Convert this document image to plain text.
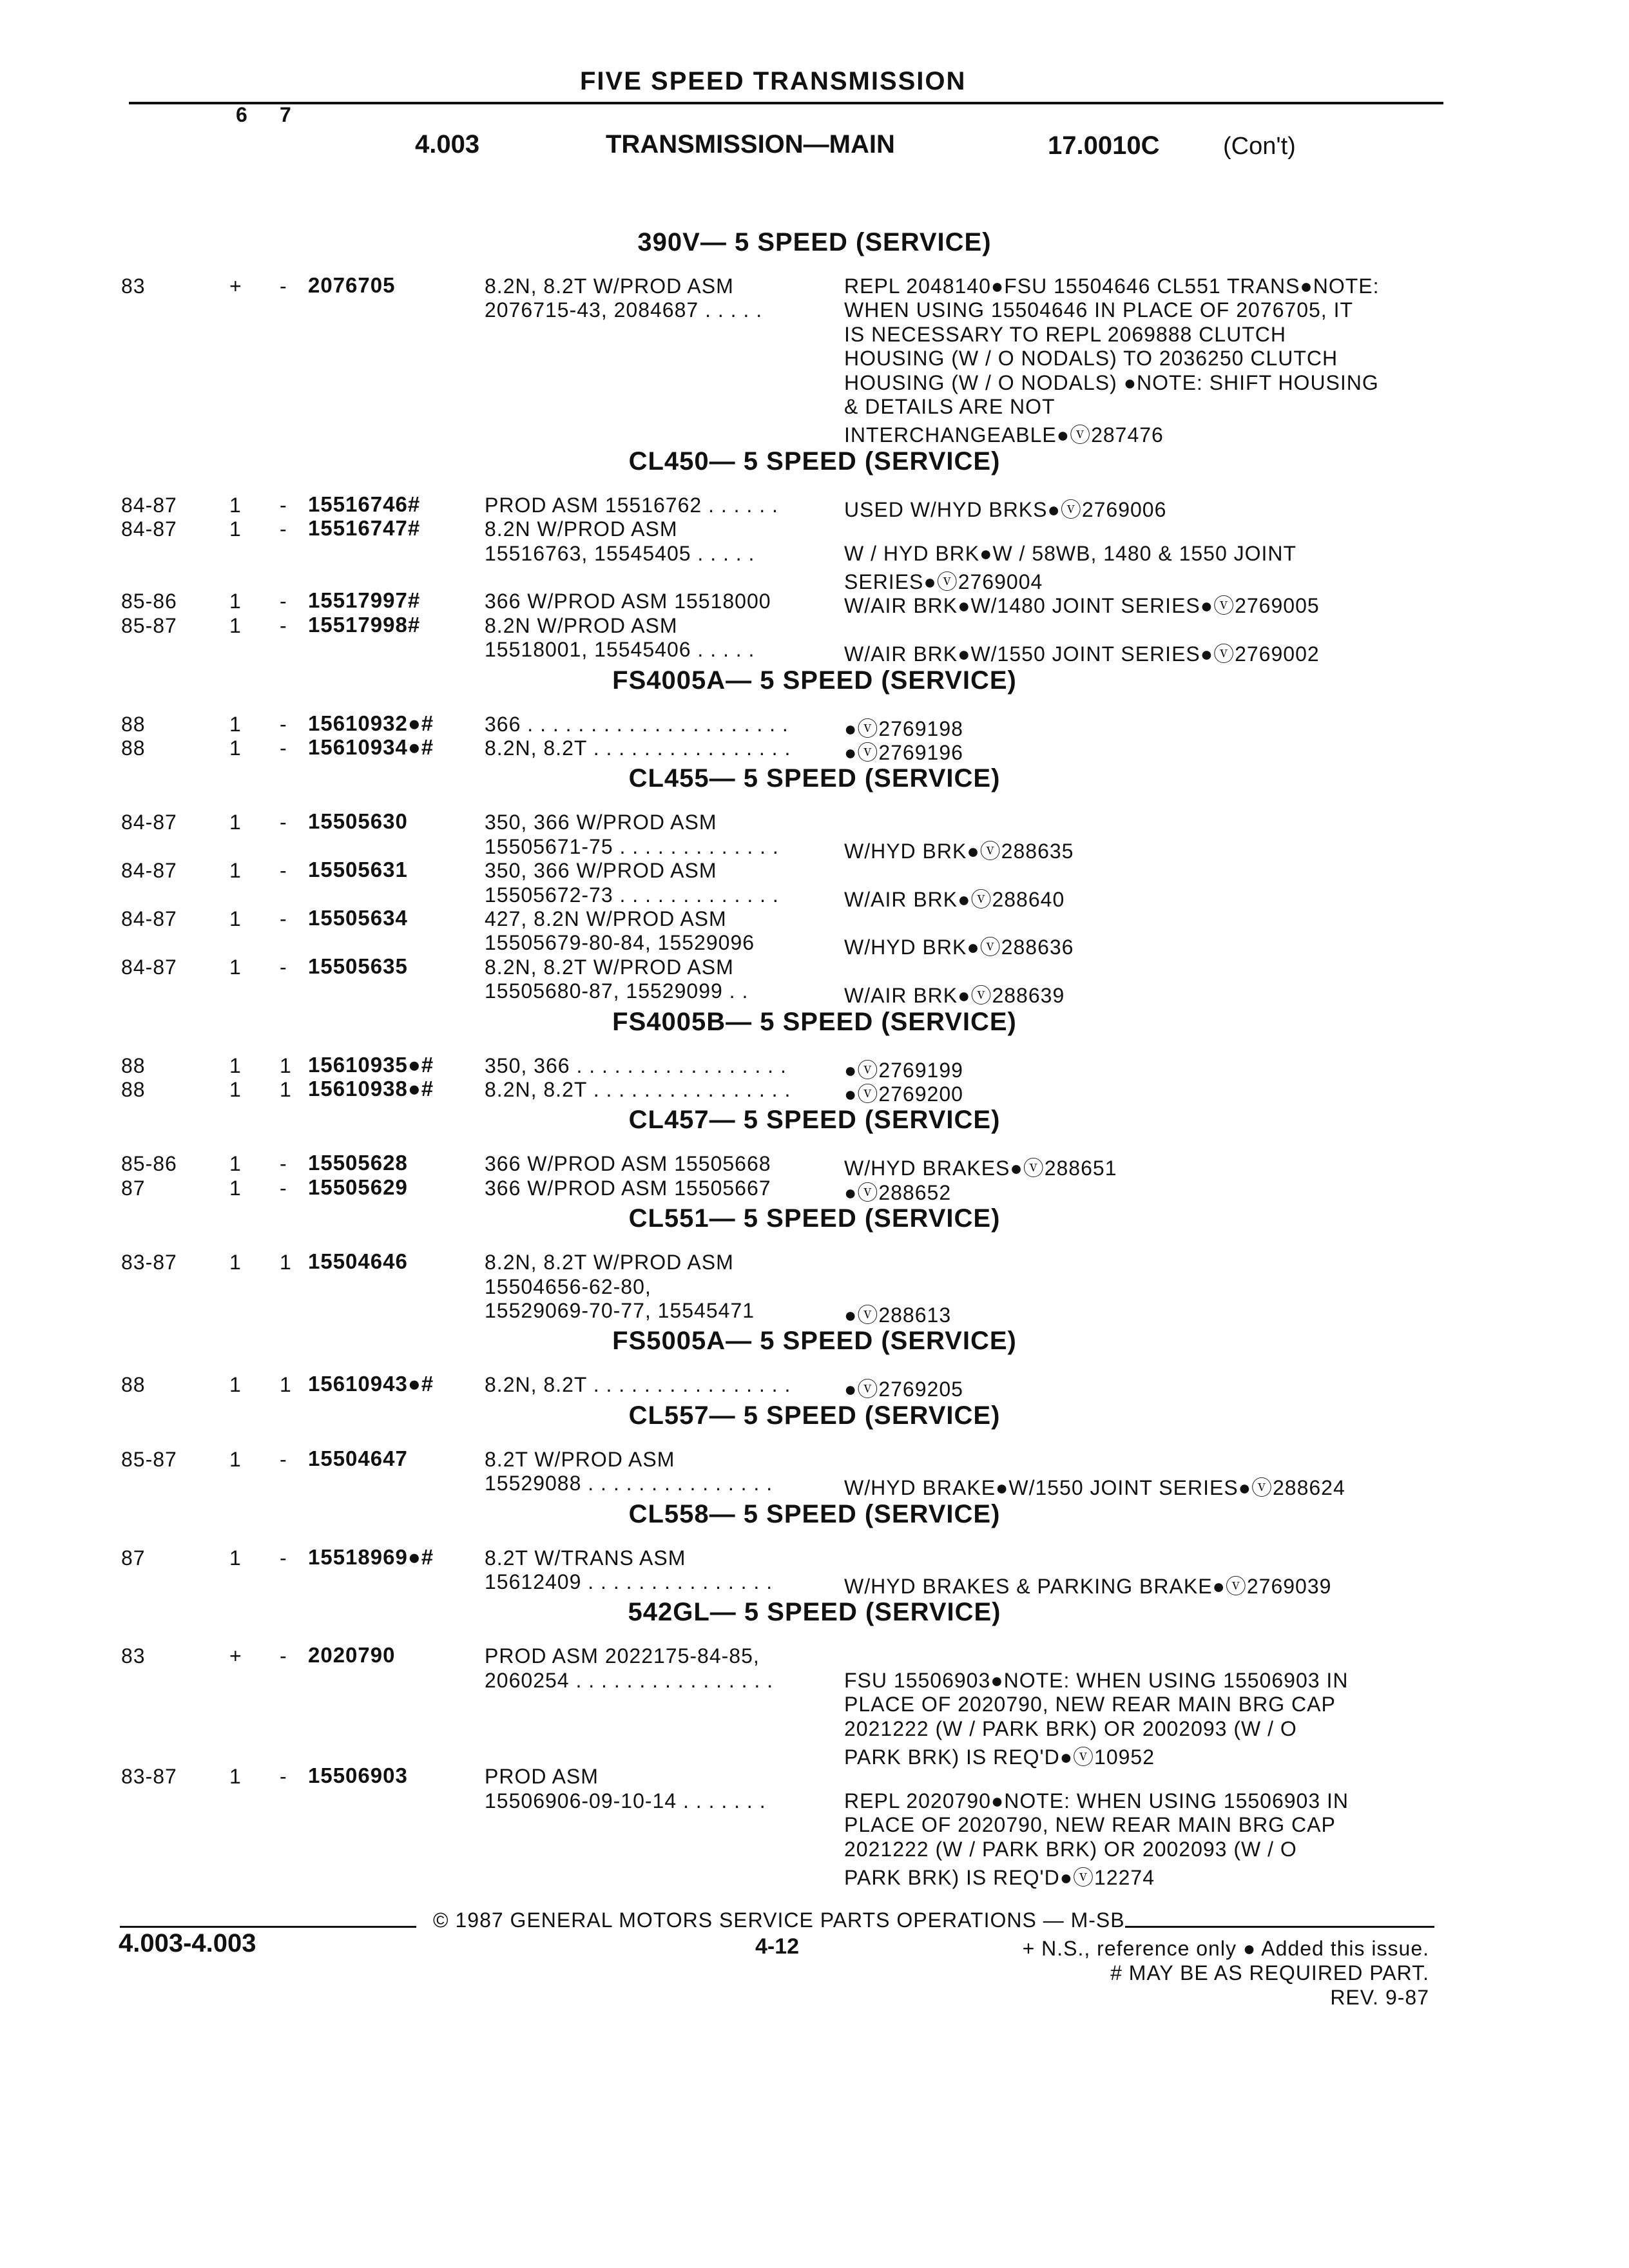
FIVE SPEED TRANSMISSION
6 7
4.003	TRANSMISSION—MAIN	17.0010C	(Con't)
390V— 5 SPEED (SERVICE)
83	+ - 2076705	8.2N, 8.2T W/PROD ASM
2076715-43, 2084687 . . . . .
REPL 2048140●FSU 15504646 CL551 TRANS●NOTE:
WHEN USING 15504646 IN PLACE OF 2076705, IT
IS NECESSARY TO REPL 2069888 CLUTCH
HOUSING (W / O NODALS) TO 2036250 CLUTCH
HOUSING (W / O NODALS) ●NOTE: SHIFT HOUSING
& DETAILS ARE NOT
INTERCHANGEABLE●ⓥ287476
CL450— 5 SPEED (SERVICE)
84-87	1 - 15516746#	PROD ASM 15516762 . . . . . .	USED W/HYD BRKS●ⓥ2769006
84-87	1 - 15516747#	8.2N W/PROD ASM
15516763, 15545405 . . . . .	W / HYD BRK●W / 58WB, 1480 & 1550 JOINT
SERIES●ⓥ2769004
85-86	1 - 15517997#	366 W/PROD ASM 15518000	W/AIR BRK●W/1480 JOINT SERIES●ⓥ2769005
85-87	1 - 15517998#	8.2N W/PROD ASM
15518001, 15545406 . . . . .	W/AIR BRK●W/1550 JOINT SERIES●ⓥ2769002
FS4005A— 5 SPEED (SERVICE)
88	1 - 15610932●# 366 . . . . . . . . . . . . . . . . . . . . .	●ⓥ2769198
88	1 - 15610934●# 8.2N, 8.2T . . . . . . . . . . . . . . . .	●ⓥ2769196
CL455— 5 SPEED (SERVICE)
84-87	1 - 15505630	350, 366 W/PROD ASM
15505671-75 . . . . . . . . . . . . .	W/HYD BRK●ⓥ288635
84-87	1 - 15505631	350, 366 W/PROD ASM
15505672-73 . . . . . . . . . . . . .	W/AIR BRK●ⓥ288640
84-87	1 - 15505634	427, 8.2N W/PROD ASM
15505679-80-84, 15529096	W/HYD BRK●ⓥ288636
84-87	1 - 15505635	8.2N, 8.2T W/PROD ASM
15505680-87, 15529099 . .	W/AIR BRK●ⓥ288639
FS4005B— 5 SPEED (SERVICE)
88	1 1 15610935●# 350, 366 . . . . . . . . . . . . . . . . .	●ⓥ2769199
88	1 1 15610938●# 8.2N, 8.2T . . . . . . . . . . . . . . . .	●ⓥ2769200
CL457— 5 SPEED (SERVICE)
85-86	1 - 15505628	366 W/PROD ASM 15505668	W/HYD BRAKES●ⓥ288651
87	1 - 15505629	366 W/PROD ASM 15505667	●ⓥ288652
CL551— 5 SPEED (SERVICE)
83-87	1 1 15504646	8.2N, 8.2T W/PROD ASM
15504656-62-80,
15529069-70-77, 15545471	●ⓥ288613
FS5005A— 5 SPEED (SERVICE)
88	1 1 15610943●# 8.2N, 8.2T . . . . . . . . . . . . . . . .	●ⓥ2769205
CL557— 5 SPEED (SERVICE)
85-87	1 - 15504647	8.2T W/PROD ASM
15529088 . . . . . . . . . . . . . . .	W/HYD BRAKE●W/1550 JOINT SERIES●ⓥ288624
CL558— 5 SPEED (SERVICE)
87	1 - 15518969●# 8.2T W/TRANS ASM
15612409 . . . . . . . . . . . . . . .	W/HYD BRAKES & PARKING BRAKE●ⓥ2769039
542GL— 5 SPEED (SERVICE)
83	+ - 2020790	PROD ASM 2022175-84-85,
2060254 . . . . . . . . . . . . . . . .	FSU 15506903●NOTE: WHEN USING 15506903 IN
PLACE OF 2020790, NEW REAR MAIN BRG CAP
2021222 (W / PARK BRK) OR 2002093 (W / O
PARK BRK) IS REQ'D●ⓥ10952
83-87	1 - 15506903	PROD ASM
15506906-09-10-14 . . . . . . .	REPL 2020790●NOTE: WHEN USING 15506903 IN
PLACE OF 2020790, NEW REAR MAIN BRG CAP
2021222 (W / PARK BRK) OR 2002093 (W / O
PARK BRK) IS REQ'D●ⓥ12274
© 1987 GENERAL MOTORS SERVICE PARTS OPERATIONS — M-SB
4.003-4.003	4-12	+ N.S., reference only ● Added this issue.
# MAY BE AS REQUIRED PART.
REV. 9-87
